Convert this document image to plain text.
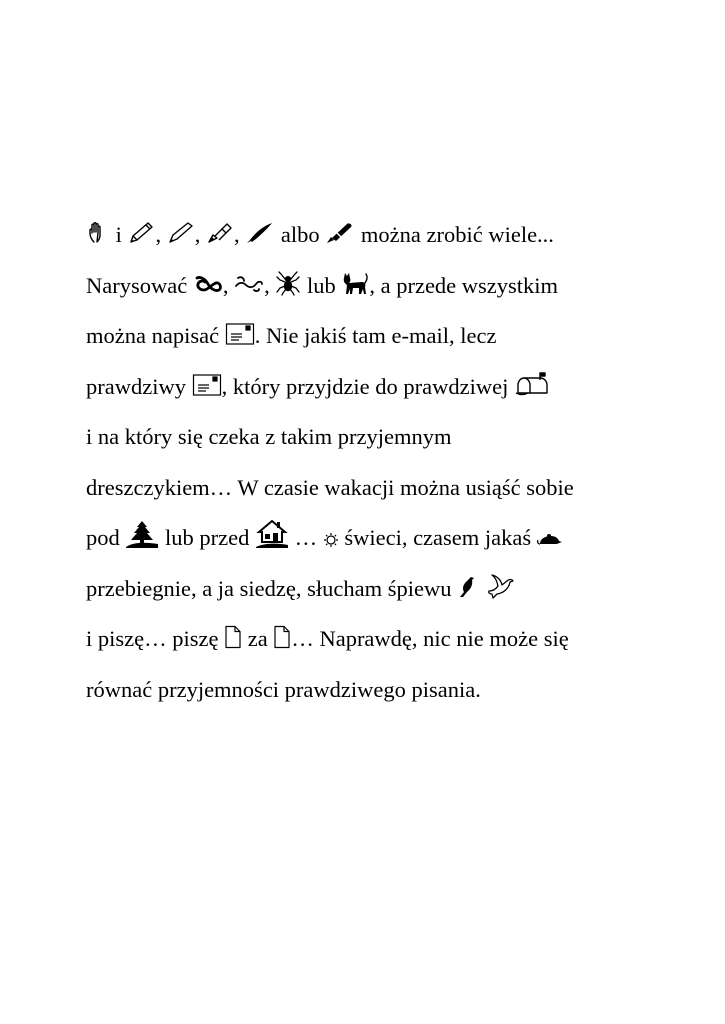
i
,
,
,
albo
można zrobić wiele...
Narysować
,
,
lub
, a przede wszystkim
można napisać
. Nie jakiś tam e-mail, lecz
prawdziwy
, który przyjdzie do prawdziwej
i na który się czeka z takim przyjemnym
dreszczykiem… W czasie wakacji można usiąść sobie
pod
lub przed
…
świeci, czasem jakaś
przebiegnie, a ja siedzę, słucham śpiewu

i piszę… piszę
za
… Naprawdę, nic nie może się
równać przyjemności prawdziwego pisania.
